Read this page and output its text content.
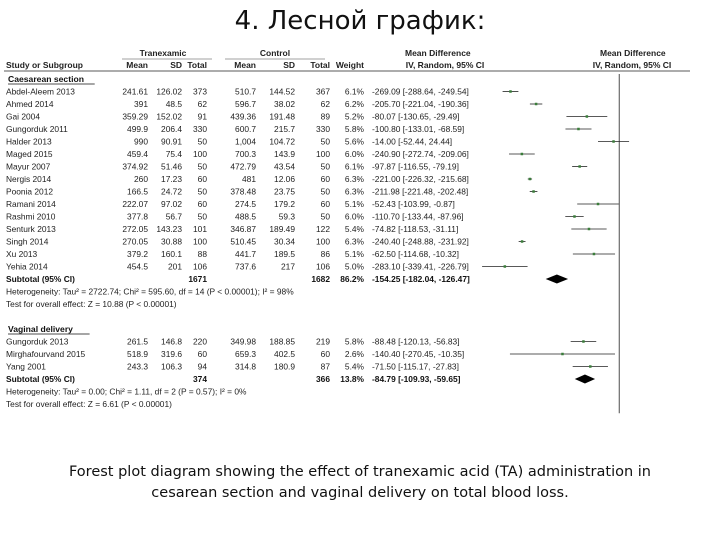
4. Лесной график:
Tranexamic	Control	Mean Difference	Mean Difference
Study or Subgroup	Mean	SD Total	Mean	SD Total Weight	IV, Random, 95% CI	IV, Random, 95% CI
Caesarean section
Abdel-Aleem 2013	241.61 126.02 373	510.7 144.52	367 6.1% -269.09 [-288.64, -249.54]
Ahmed 2014	391 48.5 62	596.7 38.02	62 6.2% -205.70 [-221.04, -190.36]
Gai 2004	359.29 152.02 91	439.36 191.48	89 5.2% -80.07 [-130.65, -29.49]
Gungorduk 2011	499.9 206.4 330	600.7 215.7	330 5.8% -100.80 [-133.01, -68.59]
Halder 2013	990 90.91 50	1,004 104.72	50 5.6% -14.00 [-52.44, 24.44]
Maged 2015	459.4 75.4 100	700.3 143.9	100 6.0% -240.90 [-272.74, -209.06]
Mayur 2007	374.92 51.46 50	472.79 43.54	50 6.1% -97.87 [-116.55, -79.19]
Nergis 2014	260 17.23 60	481 12.06	60 6.3% -221.00 [-226.32, -215.68]
Poonia 2012	166.5 24.72 50	378.48 23.75	50 6.3% -211.98 [-221.48, -202.48]
Ramani 2014	222.07 97.02 60	274.5 179.2	60 5.1% -52.43 [-103.99, -0.87]
Rashmi 2010	377.8 56.7 50	488.5	59.3	50 6.0% -110.70 [-133.44, -87.96]
Senturk 2013	272.05 143.23 101	346.87 189.49	122 5.4% -74.82 [-118.53, -31.11]
Singh 2014	270.05 30.88 100	510.45 30.34	100 6.3% -240.40 [-248.88, -231.92]
Xu 2013	379.2 160.1 88	441.7 189.5	86 5.1% -62.50 [-114.68, -10.32]
Yehia 2014	454.5 201 106	737.6	217	106 5.0% -283.10 [-339.41, -226.79]
Subtotal (95% CI)	1671	1682 86.2% -154.25 [-182.04, -126.47]
Heterogeneity: Tau² = 2722.74; Chi² = 595.60, df = 14 (P < 0.00001); I² = 98%
Test for overall effect: Z = 10.88 (P < 0.00001)
Vaginal delivery
Gungorduk 2013	261.5 146.8 220	349.98 188.85	219 5.8% -88.48 [-120.13, -56.83]
Mirghafourvand 2015	518.9 319.6 60	659.3 402.5	60 2.6% -140.40 [-270.45, -10.35]
Yang 2001	243.3 106.3 94	314.8 180.9	87 5.4% -71.50 [-115.17, -27.83]
Subtotal (95% CI)	374	366 13.8% -84.79 [-109.93, -59.65]
Heterogeneity: Tau² = 0.00; Chi² = 1.11, df = 2 (P = 0.57); I² = 0%
Test for overall effect: Z = 6.61 (P < 0.00001)
Forest plot diagram showing the effect of tranexamic acid (TA) administration in cesarean section and vaginal delivery on total blood loss.
